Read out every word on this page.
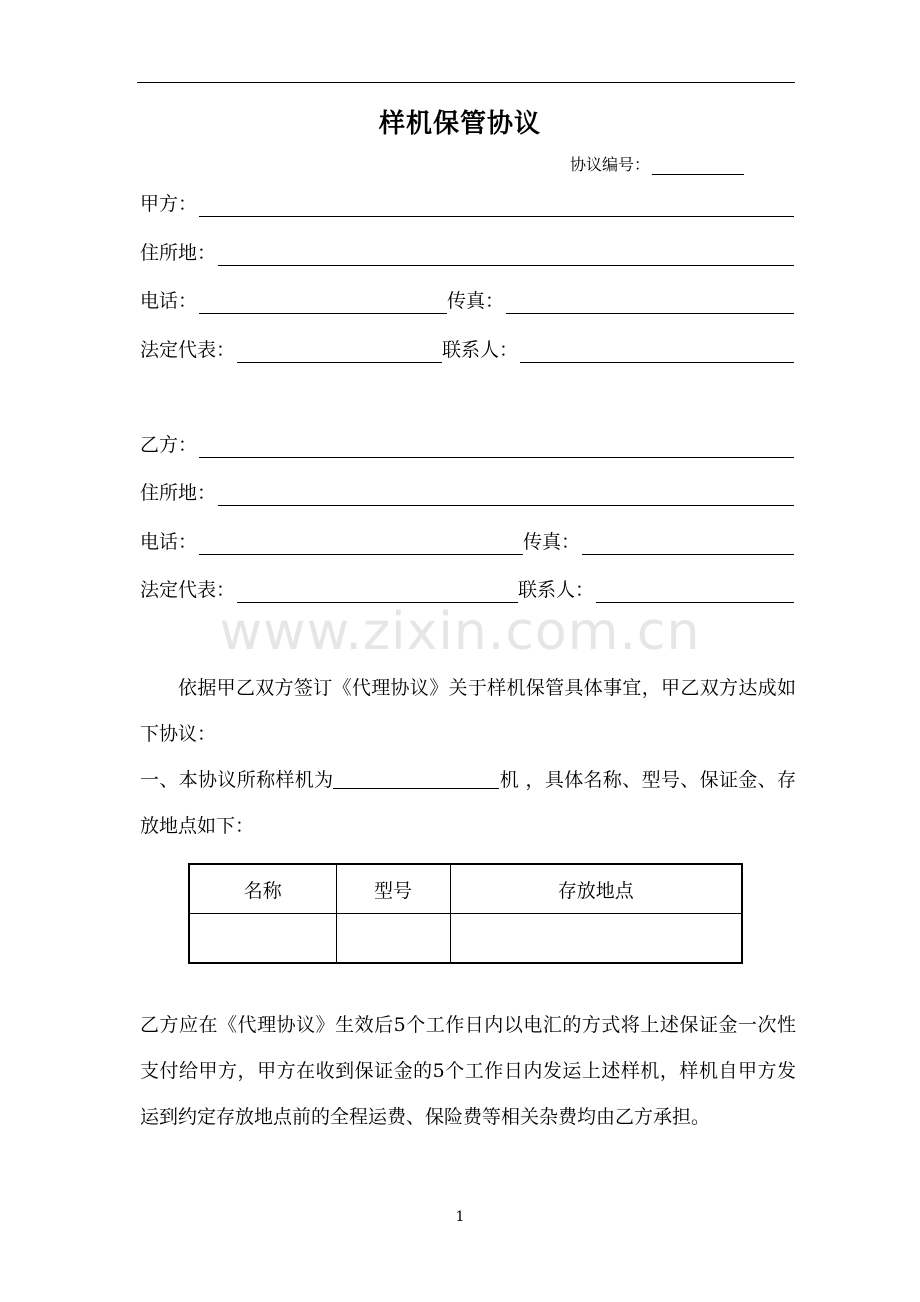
样机保管协议
协议编号：
甲方：
住所地：
电话：	传真：
法定代表：	联系人：
乙方：
住所地：
电话：	传真：
法定代表：	联系人：
www.zixin.com.cn

依据甲乙双方签订《代理协议》关于样机保管具体事宜，甲乙双方达成如下协议：

一、本协议所称样机为	机 ，具体名称、型号、保证金、存放地点如下：

名称	型号	存放地点

乙方应在《代理协议》生效后5个工作日内以电汇的方式将上述保证金一次性支付给甲方，甲方在收到保证金的5个工作日内发运上述样机，样机自甲方发运到约定存放地点前的全程运费、保险费等相关杂费均由乙方承担。

1
